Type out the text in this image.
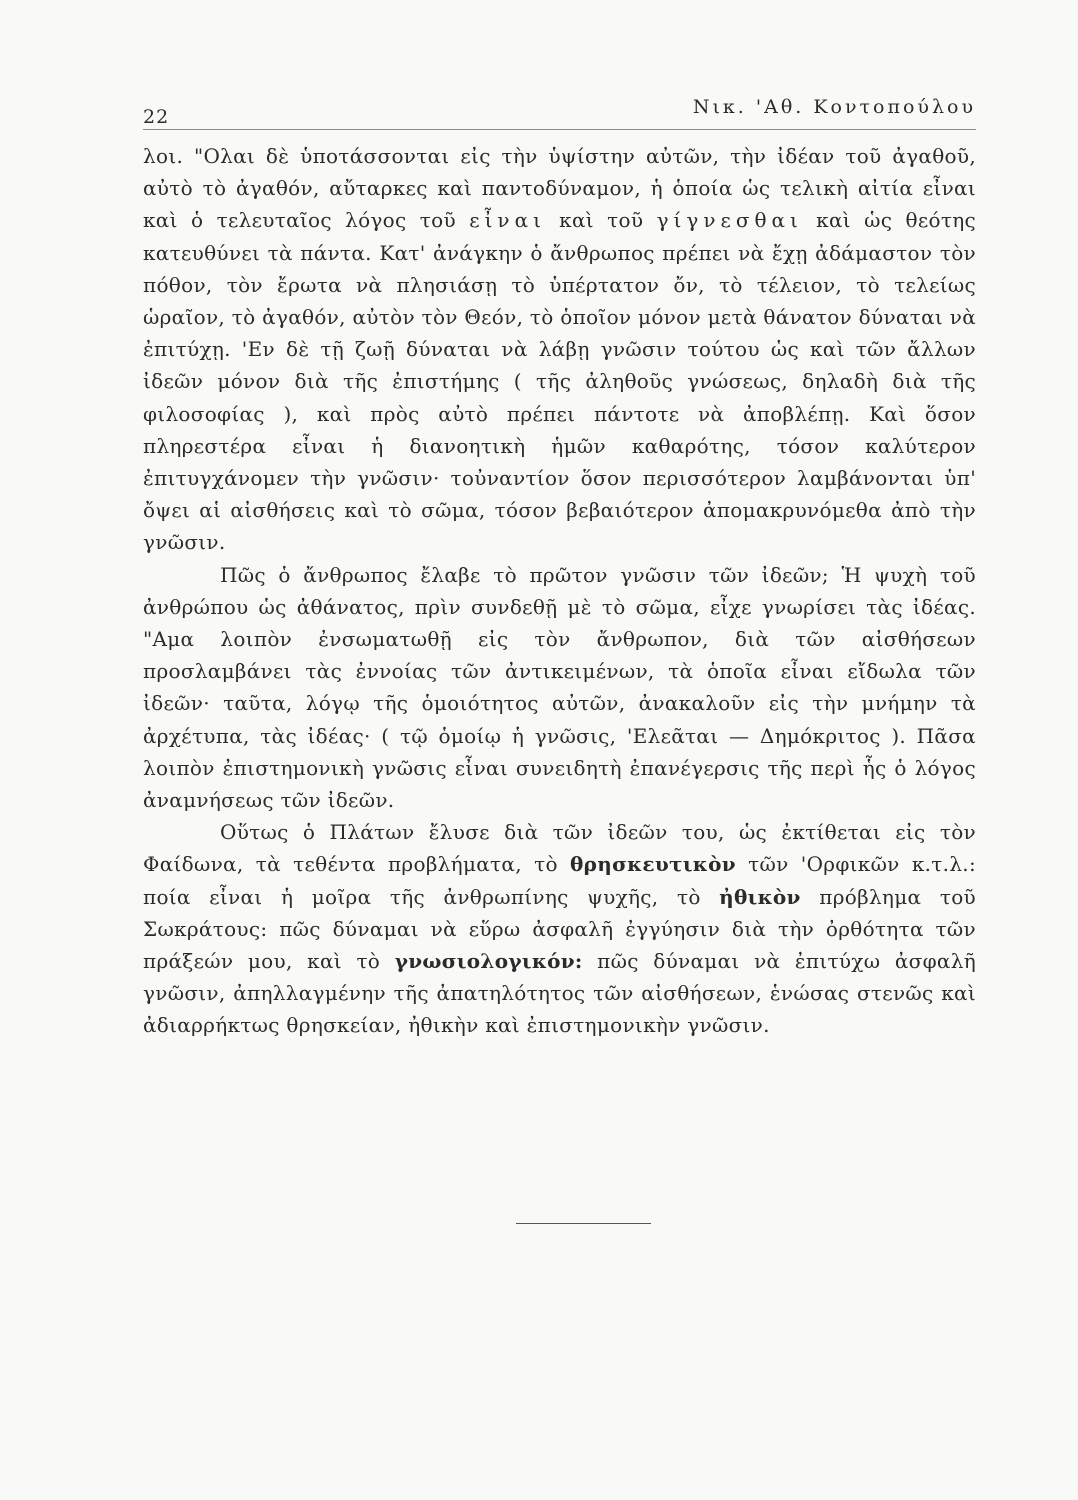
22	Νικ. 'Αθ. Κοντοπούλου

λοι. "Ολαι δὲ ὑποτάσσονται εἰς τὴν ὑψίστην αὐτῶν, τὴν ἰδέαν τοῦ ἀγαθοῦ, αὐτὸ τὸ ἀγαθόν, αὔταρκες καὶ παντοδύναμον, ἡ ὁποία ὡς τελικὴ αἰτία εἶναι καὶ ὁ τελευταῖος λόγος τοῦ εἶναι καὶ τοῦ γίγνεσθαι καὶ ὡς θεότης κατευθύνει τὰ πάντα. Κατ' ἀνάγκην ὁ ἄνθρωπος πρέπει νὰ ἔχῃ ἀδάμαστον τὸν πόθον, τὸν ἔρωτα νὰ πλησιάσῃ τὸ ὑπέρτατον ὄν, τὸ τέλειον, τὸ τελείως ὡραῖον, τὸ ἀγαθόν, αὐτὸν τὸν Θεόν, τὸ ὁποῖον μόνον μετὰ θάνατον δύναται νὰ ἐπιτύχῃ. 'Εν δὲ τῇ ζωῇ δύναται νὰ λάβῃ γνῶσιν τούτου ὡς καὶ τῶν ἄλλων ἰδεῶν μόνον διὰ τῆς ἐπιστήμης ( τῆς ἀληθοῦς γνώσεως, δηλαδὴ διὰ τῆς φιλοσοφίας ), καὶ πρὸς αὐτὸ πρέπει πάντοτε νὰ ἀποβλέπῃ. Καὶ ὅσον πληρεστέρα εἶναι ἡ διανοητικὴ ἡμῶν καθαρότης, τόσον καλύτερον ἐπιτυγχάνομεν τὴν γνῶσιν· τοὐναντίον ὅσον περισσότερον λαμβάνονται ὑπ' ὄψει αἱ αἰσθήσεις καὶ τὸ σῶμα, τόσον βεβαιότερον ἀπομακρυνόμεθα ἀπὸ τὴν γνῶσιν.

Πῶς ὁ ἄνθρωπος ἔλαβε τὸ πρῶτον γνῶσιν τῶν ἰδεῶν; Ἡ ψυχὴ τοῦ ἀνθρώπου ὡς ἀθάνατος, πρὶν συνδεθῇ μὲ τὸ σῶμα, εἶχε γνωρίσει τὰς ἰδέας. "Αμα λοιπὸν ἐνσωματωθῇ εἰς τὸν ἄνθρωπον, διὰ τῶν αἰσθήσεων προσλαμβάνει τὰς ἐννοίας τῶν ἀντικειμένων, τὰ ὁποῖα εἶναι εἴδωλα τῶν ἰδεῶν· ταῦτα, λόγῳ τῆς ὁμοιότητος αὐτῶν, ἀνακαλοῦν εἰς τὴν μνήμην τὰ ἀρχέτυπα, τὰς ἰδέας· ( τῷ ὁμοίῳ ἡ γνῶσις, 'Ελεᾶται — Δημόκριτος ). Πᾶσα λοιπὸν ἐπιστημονικὴ γνῶσις εἶναι συνειδητὴ ἐπανέγερσις τῆς περὶ ἧς ὁ λόγος ἀναμνήσεως τῶν ἰδεῶν.

Οὕτως ὁ Πλάτων ἔλυσε διὰ τῶν ἰδεῶν του, ὡς ἐκτίθεται εἰς τὸν Φαίδωνα, τὰ τεθέντα προβλήματα, τὸ θρησκευτικὸν τῶν 'Ορφικῶν κ.τ.λ.: ποία εἶναι ἡ μοῖρα τῆς ἀνθρωπίνης ψυχῆς, τὸ ἠθικὸν πρόβλημα τοῦ Σωκράτους: πῶς δύναμαι νὰ εὕρω ἀσφαλῆ ἐγγύησιν διὰ τὴν ὀρθότητα τῶν πράξεών μου, καὶ τὸ γνωσιολογικόν: πῶς δύναμαι νὰ ἐπιτύχω ἀσφαλῆ γνῶσιν, ἀπηλλαγμένην τῆς ἀπατηλότητος τῶν αἰσθήσεων, ἑνώσας στενῶς καὶ ἀδιαρρήκτως θρησκείαν, ἠθικὴν καὶ ἐπιστημονικὴν γνῶσιν.
